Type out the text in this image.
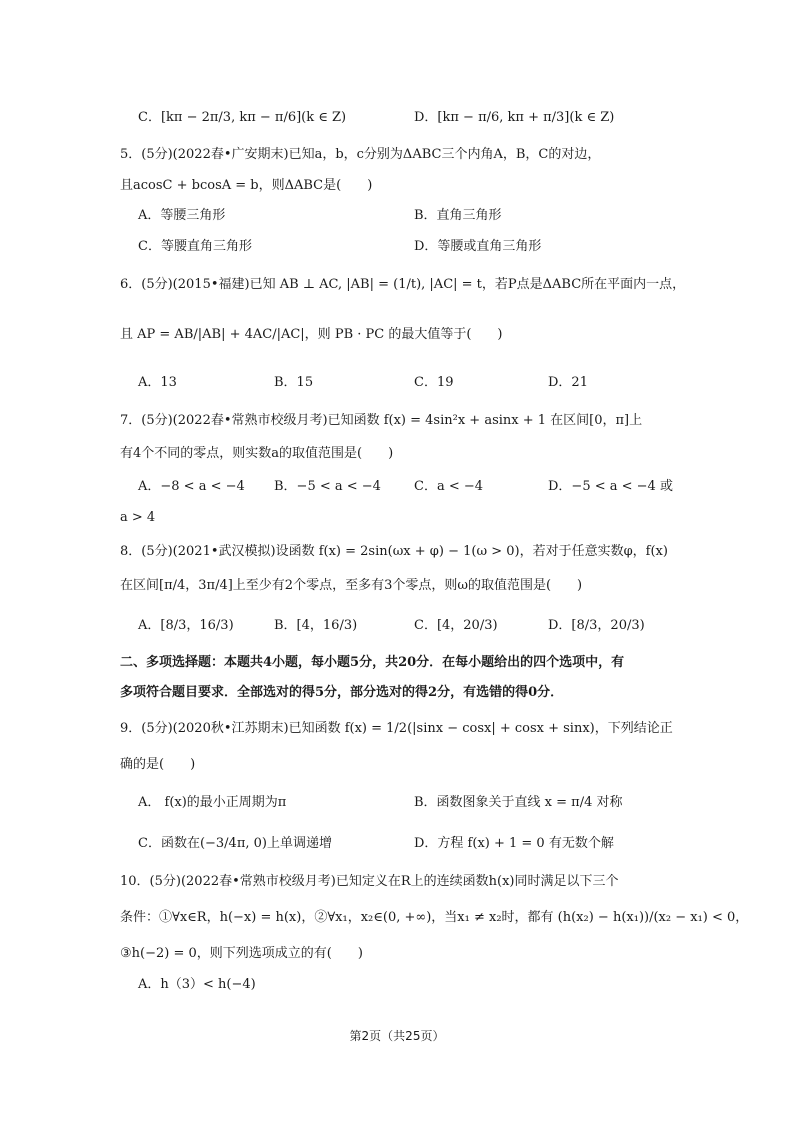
C．[kπ − 2π/3, kπ − π/6](k ∈ Z)	D．[kπ − π/6, kπ + π/3](k ∈ Z)
5．(5分)(2022春•广安期末)已知a，b，c分别为ΔABC三个内角A，B，C的对边，
且acosC + bcosA = b，则ΔABC是(　　)
A．等腰三角形	B．直角三角形
C．等腰直角三角形	D．等腰或直角三角形
6．(5分)(2015•福建)已知 AB ⊥ AC, |AB| = (1/t), |AC| = t，若P点是ΔABC所在平面内一点，
且 AP = AB/|AB| + 4AC/|AC|，则 PB · PC 的最大值等于(　　)
A．13	B．15	C．19	D．21
7．(5分)(2022春•常熟市校级月考)已知函数 f(x) = 4sin²x + asinx + 1 在区间[0，π]上
有4个不同的零点，则实数a的取值范围是(　　)
A．−8 < a < −4 B．−5 < a < −4	C．a < −4	D．−5 < a < −4 或
a > 4
8．(5分)(2021•武汉模拟)设函数 f(x) = 2sin(ωx + φ) − 1(ω > 0)，若对于任意实数φ，f(x)
在区间[π/4，3π/4]上至少有2个零点，至多有3个零点，则ω的取值范围是(　　)
A．[8/3，16/3)	B．[4，16/3)	C．[4，20/3)	D．[8/3，20/3)
二、多项选择题：本题共4小题，每小题5分，共20分．在每小题给出的四个选项中，有
多项符合题目要求．全部选对的得5分，部分选对的得2分，有选错的得0分．
9．(5分)(2020秋•江苏期末)已知函数 f(x) = 1/2(|sinx − cosx| + cosx + sinx)，下列结论正
确的是(　　)
A． f(x)的最小正周期为π	B．函数图象关于直线 x = π/4 对称
C．函数在(−3/4π, 0)上单调递增	D．方程 f(x) + 1 = 0 有无数个解
10．(5分)(2022春•常熟市校级月考)已知定义在R上的连续函数h(x)同时满足以下三个
条件：①∀x∈R，h(−x) = h(x)，②∀x₁，x₂∈(0, +∞)，当x₁ ≠ x₂时，都有 (h(x₂) − h(x₁))/(x₂ − x₁) < 0，
③h(−2) = 0，则下列选项成立的有(　　)
A．h（3）< h(−4)
第2页（共25页）
